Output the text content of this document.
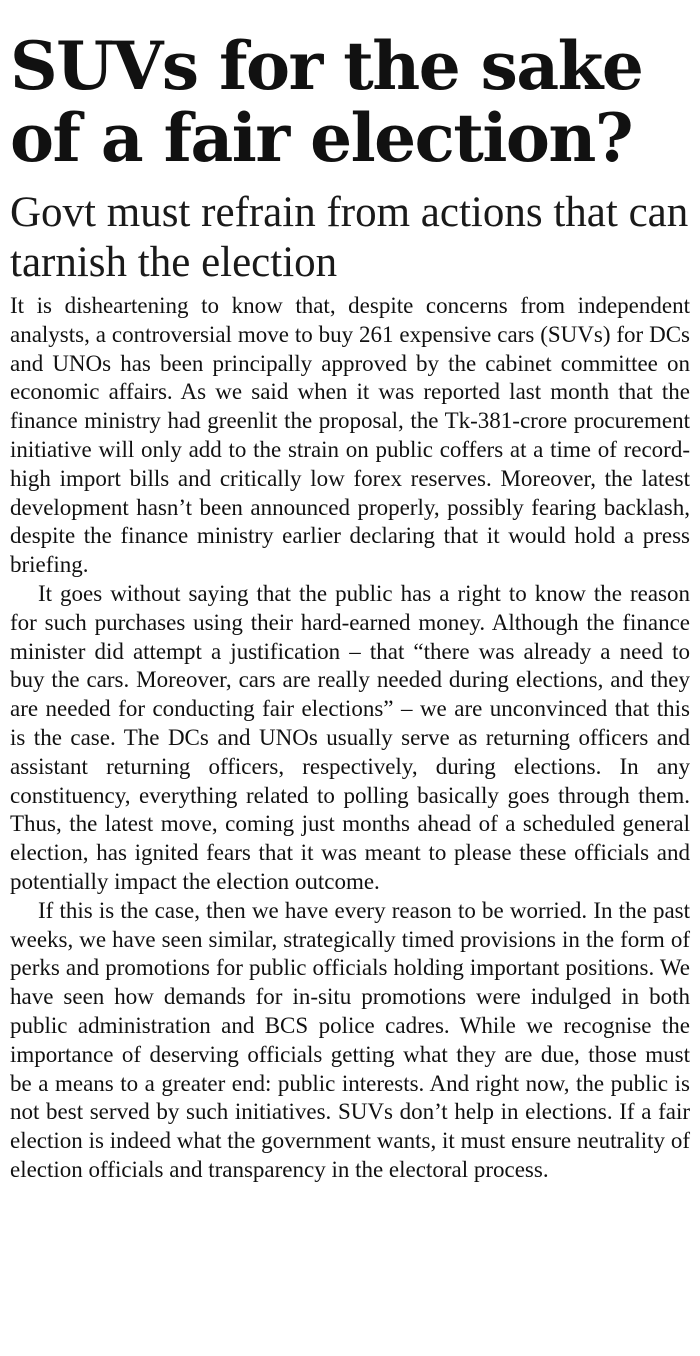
SUVs for the sake of a fair election?
Govt must refrain from actions that can tarnish the election

It is disheartening to know that, despite concerns from independent analysts, a controversial move to buy 261 expensive cars (SUVs) for DCs and UNOs has been principally approved by the cabinet committee on economic affairs. As we said when it was reported last month that the finance ministry had greenlit the proposal, the Tk-381-crore procurement initiative will only add to the strain on public coffers at a time of record-high import bills and critically low forex reserves. Moreover, the latest development hasn’t been announced properly, possibly fearing backlash, despite the finance ministry earlier declaring that it would hold a press briefing.

It goes without saying that the public has a right to know the reason for such purchases using their hard-earned money. Although the finance minister did attempt a justification – that “there was already a need to buy the cars. Moreover, cars are really needed during elections, and they are needed for conducting fair elections” – we are unconvinced that this is the case. The DCs and UNOs usually serve as returning officers and assistant returning officers, respectively, during elections. In any constituency, everything related to polling basically goes through them. Thus, the latest move, coming just months ahead of a scheduled general election, has ignited fears that it was meant to please these officials and potentially impact the election outcome.

If this is the case, then we have every reason to be worried. In the past weeks, we have seen similar, strategically timed provisions in the form of perks and promotions for public officials holding important positions. We have seen how demands for in-situ promotions were indulged in both public administration and BCS police cadres. While we recognise the importance of deserving officials getting what they are due, those must be a means to a greater end: public interests. And right now, the public is not best served by such initiatives. SUVs don’t help in elections. If a fair election is indeed what the government wants, it must ensure neutrality of election officials and transparency in the electoral process.
